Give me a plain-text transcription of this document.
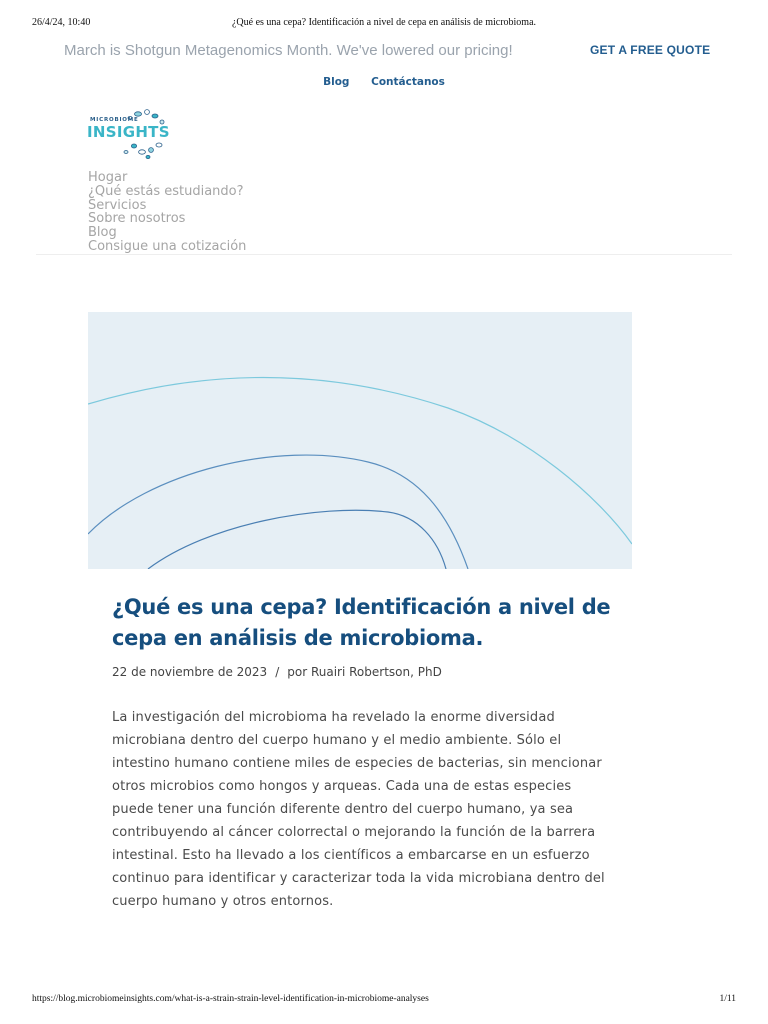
26/4/24, 10:40	¿Qué es una cepa? Identificación a nivel de cepa en análisis de microbioma.
March is Shotgun Metagenomics Month. We've lowered our pricing!	GET A FREE QUOTE
Blog Contáctanos
MICROBIOME
INSIGHTS
Hogar
¿Qué estás estudiando?
Servicios
Sobre nosotros
Blog
Consigue una cotización
¿Qué es una cepa? Identificación a nivel de cepa en análisis de microbioma.
22 de noviembre de 2023 / por Ruairi Robertson, PhD

La investigación del microbioma ha revelado la enorme diversidad microbiana dentro del cuerpo humano y el medio ambiente. Sólo el intestino humano contiene miles de especies de bacterias, sin mencionar otros microbios como hongos y arqueas. Cada una de estas especies puede tener una función diferente dentro del cuerpo humano, ya sea contribuyendo al cáncer colorrectal o mejorando la función de la barrera intestinal. Esto ha llevado a los científicos a embarcarse en un esfuerzo continuo para identificar y caracterizar toda la vida microbiana dentro del cuerpo humano y otros entornos.

https://blog.microbiomeinsights.com/what-is-a-strain-strain-level-identification-in-microbiome-analyses	1/11
